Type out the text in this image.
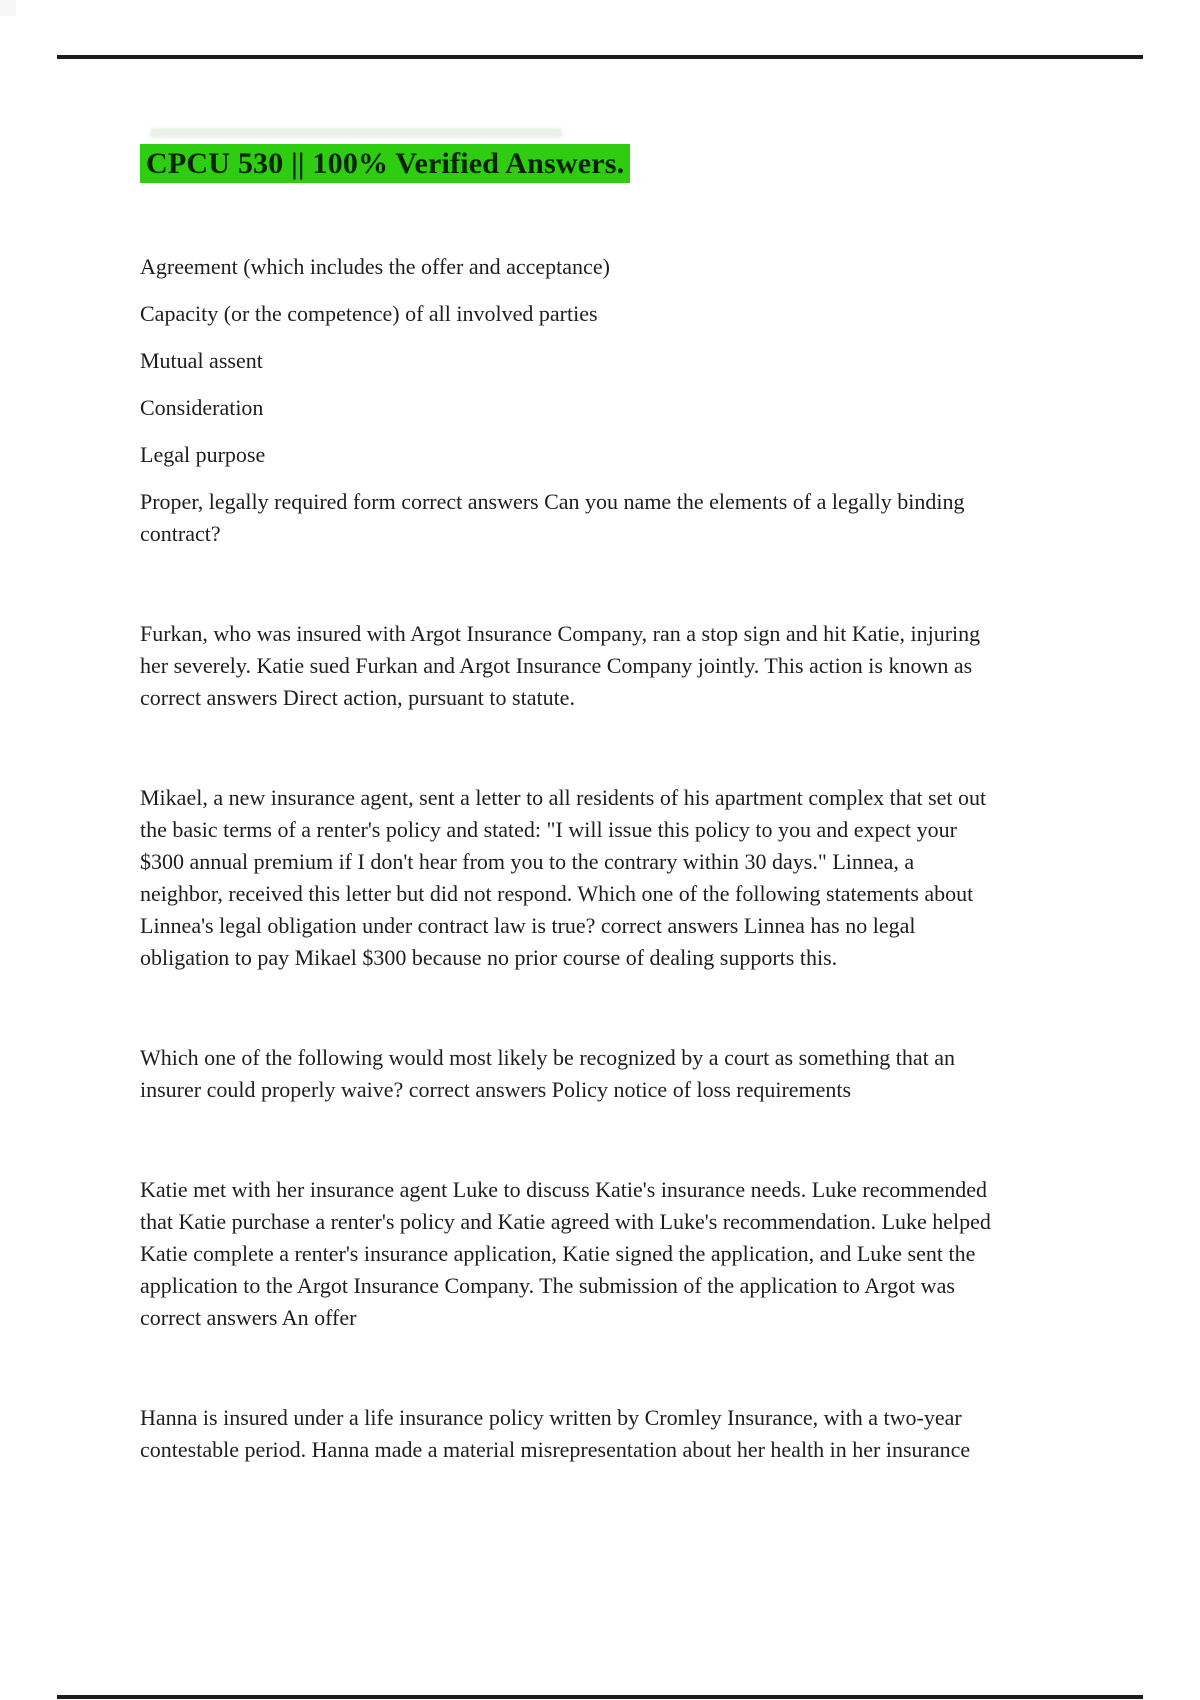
CPCU 530 || 100% Verified Answers.
Agreement (which includes the offer and acceptance)
Capacity (or the competence) of all involved parties
Mutual assent
Consideration
Legal purpose
Proper, legally required form correct answers Can you name the elements of a legally binding
contract?
Furkan, who was insured with Argot Insurance Company, ran a stop sign and hit Katie, injuring
her severely. Katie sued Furkan and Argot Insurance Company jointly. This action is known as
correct answers Direct action, pursuant to statute.
Mikael, a new insurance agent, sent a letter to all residents of his apartment complex that set out
the basic terms of a renter's policy and stated: "I will issue this policy to you and expect your
$300 annual premium if I don't hear from you to the contrary within 30 days." Linnea, a
neighbor, received this letter but did not respond. Which one of the following statements about
Linnea's legal obligation under contract law is true? correct answers Linnea has no legal
obligation to pay Mikael $300 because no prior course of dealing supports this.
Which one of the following would most likely be recognized by a court as something that an
insurer could properly waive? correct answers Policy notice of loss requirements
Katie met with her insurance agent Luke to discuss Katie's insurance needs. Luke recommended
that Katie purchase a renter's policy and Katie agreed with Luke's recommendation. Luke helped
Katie complete a renter's insurance application, Katie signed the application, and Luke sent the
application to the Argot Insurance Company. The submission of the application to Argot was
correct answers An offer
Hanna is insured under a life insurance policy written by Cromley Insurance, with a two-year
contestable period. Hanna made a material misrepresentation about her health in her insurance
